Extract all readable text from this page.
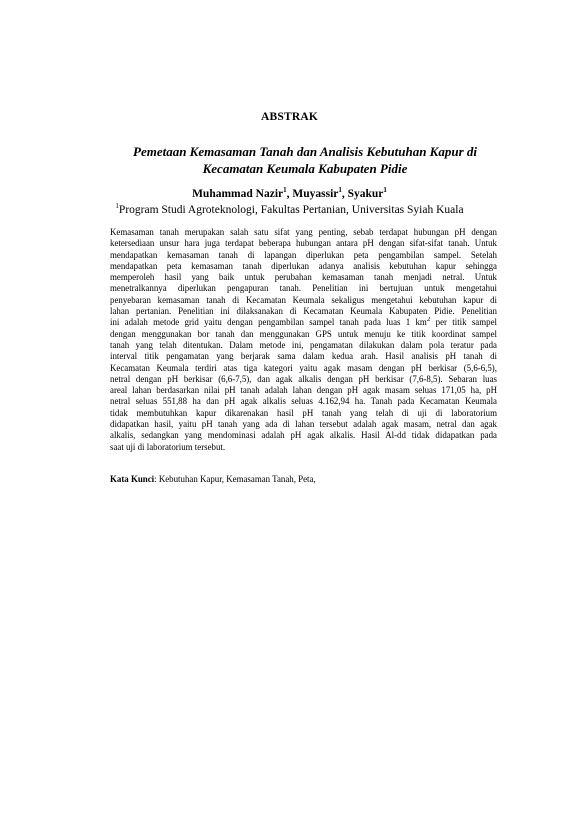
ABSTRAK
Pemetaan Kemasaman Tanah dan Analisis Kebutuhan Kapur di Kecamatan Keumala Kabupaten Pidie
Muhammad Nazir$^1$, Muyassir$^1$, Syakur$^1$
$^1$Program Studi Agroteknologi, Fakultas Pertanian, Universitas Syiah Kuala
Kemasaman tanah merupakan salah satu sifat yang penting, sebab terdapat hubungan pH dengan
ketersediaan unsur hara juga terdapat beberapa hubungan antara pH dengan sifat-sifat tanah. Untuk
mendapatkan kemasaman tanah di lapangan diperlukan peta pengambilan sampel. Setelah
mendapatkan peta kemasaman tanah diperlukan adanya analisis kebutuhan kapur sehingga
memperoleh hasil yang baik untuk perubahan kemasaman tanah menjadi netral. Untuk
menetralkannya diperlukan pengapuran tanah. Penelitian ini bertujuan untuk mengetahui
penyebaran kemasaman tanah di Kecamatan Keumala sekaligus mengetahui kebutuhan kapur di
lahan pertanian. Penelitian ini dilaksanakan di Kecamatan Keumala Kabupaten Pidie. Penelitian
ini adalah metode grid yaitu dengan pengambilan sampel tanah pada luas 1 $km^2$ per titik sampel
dengan menggunakan bor tanah dan menggunakan GPS untuk menuju ke titik koordinat sampel
tanah yang telah ditentukan. Dalam metode ini, pengamatan dilakukan dalam pola teratur pada
interval titik pengamatan yang berjarak sama dalam kedua arah. Hasil analisis pH tanah di
Kecamatan Keumala terdiri atas tiga kategori yaitu agak masam dengan pH berkisar (5,6-6,5),
netral dengan pH berkisar (6,6-7,5), dan agak alkalis dengan pH berkisar (7,6-8,5). Sebaran luas
areal lahan berdasarkan nilai pH tanah adalah lahan dengan pH agak masam seluas 171,05 ha, pH
netral seluas 551,88 ha dan pH agak alkalis seluas 4.162,94 ha. Tanah pada Kecamatan Keumala
tidak membutuhkan kapur dikarenakan hasil pH tanah yang telah di uji di laboratorium
didapatkan hasil, yaitu pH tanah yang ada di lahan tersebut adalah agak masam, netral dan agak
alkalis, sedangkan yang mendominasi adalah pH agak alkalis. Hasil Al-dd tidak didapatkan pada
saat uji di laboratorium tersebut.
Kata Kunci: Kebutuhan Kapur, Kemasaman Tanah, Peta,
